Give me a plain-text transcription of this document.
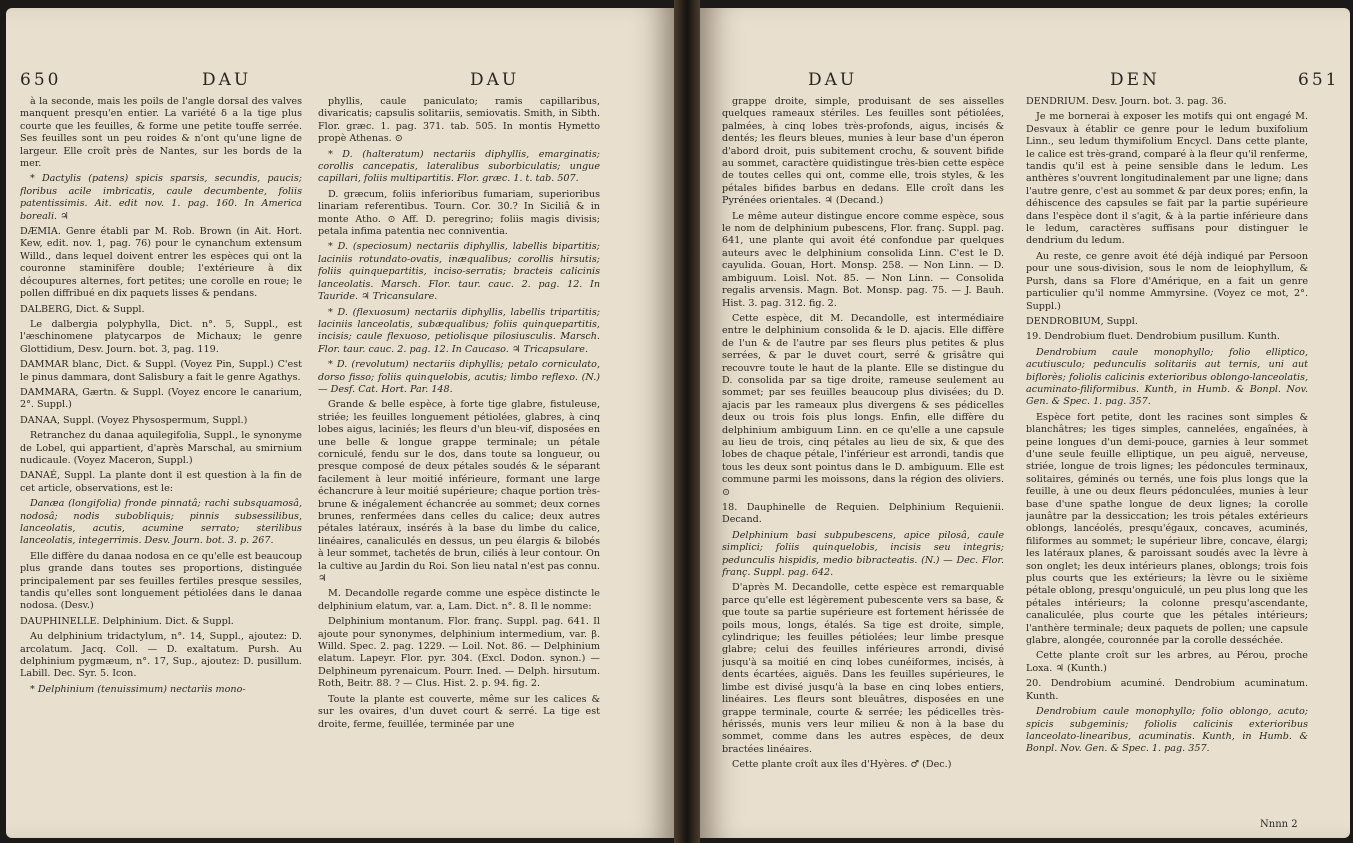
650	DAU	DAU

à la seconde, mais les poils de l'angle dorsal des valves manquent presqu'en entier. La variété δ a la tige plus courte que les feuilles, & forme une petite touffe serrée. Ses feuilles sont un peu roides & n'ont qu'une ligne de largeur. Elle croît près de Nantes, sur les bords de la mer.

* Dactylis (patens) spicis sparsis, secundis, paucis; floribus acile imbricatis, caule decumbente, foliis patentissimis. Ait. edit nov. 1. pag. 160. In America boreali. ♃

DÆMIA. Genre établi par M. Rob. Brown (in Ait. Hort. Kew, edit. nov. 1, pag. 76) pour le cynanchum extensum Willd., dans lequel doivent entrer les espèces qui ont la couronne staminifère double; l'extérieure à dix découpures alternes, fort petites; une corolle en roue; le pollen diffribué en dix paquets lisses & pendans.

DALBERG, Dict. & Suppl.

Le dalbergia polyphylla, Dict. n°. 5, Suppl., est l'æschinomene platycarpos de Michaux; le genre Glottidium, Desv. Journ. bot. 3, pag. 119.

DAMMAR blanc, Dict. & Suppl. (Voyez Pin, Suppl.) C'est le pinus dammara, dont Salisbury a fait le genre Agathys.

DAMMARA, Gærtn. & Suppl. (Voyez encore le canarium, 2°. Suppl.)

DANAA, Suppl. (Voyez Physospermum, Suppl.)

Retranchez du danaa aquilegifolia, Suppl., le synonyme de Lobel, qui appartient, d'après Marschal, au smirnium nudicaule. (Voyez Maceron, Suppl.)

DANAÉ, Suppl. La plante dont il est question à la fin de cet article, observations, est le:

Danæa (longifolia) fronde pinnatâ; rachi subsquamosâ, nodosâ; nodis subobliquis; pinnis subsessilibus, lanceolatis, acutis, acumine serrato; sterilibus lanceolatis, integerrimis. Desv. Journ. bot. 3. p. 267.

Elle diffère du danaa nodosa en ce qu'elle est beaucoup plus grande dans toutes ses proportions, distinguée principalement par ses feuilles fertiles presque sessiles, tandis qu'elles sont longuement pétiolées dans le danaa nodosa. (Desv.)

DAUPHINELLE. Delphinium. Dict. & Suppl.

Au delphinium tridactylum, n°. 14, Suppl., ajoutez: D. arcolatum. Jacq. Coll. — D. exaltatum. Pursh. Au delphinium pygmæum, n°. 17, Sup., ajoutez: D. pusillum. Labill. Dec. Syr. 5. Icon.

* Delphinium (tenuissimum) nectariis mono-

phyllis, caule paniculato; ramis capillaribus, divaricatis; capsulis solitariis, semiovatis. Smith, in Sibth. Flor. græc. 1. pag. 371. tab. 505. In montis Hymetto propè Athenas. ⊙

* D. (halteratum) nectariis diphyllis, emarginatis; corollis cancepatis, lateralibus suborbiculatis; ungue capillari, foliis multipartitis. Flor. græc. 1. t. tab. 507.

D. græcum, foliis inferioribus fumariam, superioribus linariam referentibus. Tourn. Cor. 30.? In Siciliâ & in monte Atho. ⊙ Aff. D. peregrino; foliis magis divisis; petala infima patentia nec conniventia.

* D. (speciosum) nectariis diphyllis, labellis bipartitis; laciniis rotundato-ovatis, inæqualibus; corollis hirsutis; foliis quinquepartitis, inciso-serratis; bracteis calicinis lanceolatis. Marsch. Flor. taur. cauc. 2. pag. 12. In Tauride. ♃ Tricansulare.

* D. (flexuosum) nectariis diphyllis, labellis tripartitis; laciniis lanceolatis, subæqualibus; foliis quinquepartitis, incisis; caule flexuoso, petiolisque pilosiusculis. Marsch. Flor. taur. cauc. 2. pag. 12. In Caucaso. ♃ Tricapsulare.

* D. (revolutum) nectariis diphyllis; petalo corniculato, dorso fisso; foliis quinquelobis, acutis; limbo reflexo. (N.) — Desf. Cat. Hort. Par. 148.

Grande & belle espèce, à forte tige glabre, fistuleuse, striée; les feuilles longuement pétiolées, glabres, à cinq lobes aigus, laciniés; les fleurs d'un bleu-vif, disposées en une belle & longue grappe terminale; un pétale corniculé, fendu sur le dos, dans toute sa longueur, ou presque composé de deux pétales soudés & le séparant facilement à leur moitié inférieure, formant une large échancrure à leur moitié supérieure; chaque portion très-brune & inégalement échancrée au sommet; deux cornes brunes, renfermées dans celles du calice; deux autres pétales latéraux, insérés à la base du limbe du calice, linéaires, canaliculés en dessus, un peu élargis & bilobés à leur sommet, tachetés de brun, ciliés à leur contour. On la cultive au Jardin du Roi. Son lieu natal n'est pas connu. ♃

M. Decandolle regarde comme une espèce distincte le delphinium elatum, var. a, Lam. Dict. n°. 8. Il le nomme:

Delphinium montanum. Flor. franç. Suppl. pag. 641. Il ajoute pour synonymes, delphinium intermedium, var. β. Willd. Spec. 2. pag. 1229. — Loil. Not. 86. — Delphinium elatum. Lapeyr. Flor. pyr. 304. (Excl. Dodon. synon.) — Delphineum pyrenaicum. Pourr. Ined. — Delph. hirsutum. Roth, Beitr. 88. ? — Clus. Hist. 2. p. 94. fig. 2.

Toute la plante est couverte, même sur les calices & sur les ovaires, d'un duvet court & serré. La tige est droite, ferme, feuillée, terminée par une

DAU	DEN	651

grappe droite, simple, produisant de ses aisselles quelques rameaux stériles. Les feuilles sont pétiolées, palmées, à cinq lobes très-profonds, aigus, incisés & dentés; les fleurs bleues, munies à leur base d'un éperon d'abord droit, puis subitement crochu, & souvent bifide au sommet, caractère quidistingue très-bien cette espèce de toutes celles qui ont, comme elle, trois styles, & les pétales bifides barbus en dedans. Elle croît dans les Pyrénées orientales. ♃ (Decand.)

Le même auteur distingue encore comme espèce, sous le nom de delphinium pubescens, Flor. franç. Suppl. pag. 641, une plante qui avoit été confondue par quelques auteurs avec le delphinium consolida Linn. C'est le D. cayulida. Gouan, Hort. Monsp. 258. — Non Linn. — D. ambiguum. Loisl. Not. 85. — Non Linn. — Consolida regalis arvensis. Magn. Bot. Monsp. pag. 75. — J. Bauh. Hist. 3. pag. 312. fig. 2.

Cette espèce, dit M. Decandolle, est intermédiaire entre le delphinium consolida & le D. ajacis. Elle diffère de l'un & de l'autre par ses fleurs plus petites & plus serrées, & par le duvet court, serré & grisâtre qui recouvre toute le haut de la plante. Elle se distingue du D. consolida par sa tige droite, rameuse seulement au sommet; par ses feuilles beaucoup plus divisées; du D. ajacis par les rameaux plus divergens & ses pédicelles deux ou trois fois plus longs. Enfin, elle diffère du delphinium ambiguum Linn. en ce qu'elle a une capsule au lieu de trois, cinq pétales au lieu de six, & que des lobes de chaque pétale, l'inférieur est arrondi, tandis que tous les deux sont pointus dans le D. ambiguum. Elle est commune parmi les moissons, dans la région des oliviers. ⊙

18. Dauphinelle de Requien. Delphinium Requienii. Decand.

Delphinium basi subpubescens, apice pilosâ, caule simplici; foliis quinquelobis, incisis seu integris; pedunculis hispidis, medio bibracteatis. (N.) — Dec. Flor. franç. Suppl. pag. 642.

D'après M. Decandolle, cette espèce est remarquable parce qu'elle est légèrement pubescente vers sa base, & que toute sa partie supérieure est fortement hérissée de poils mous, longs, étalés. Sa tige est droite, simple, cylindrique; les feuilles pétiolées; leur limbe presque glabre; celui des feuilles inférieures arrondi, divisé jusqu'à sa moitié en cinq lobes cunéiformes, incisés, à dents écartées, aiguës. Dans les feuilles supérieures, le limbe est divisé jusqu'à la base en cinq lobes entiers, linéaires. Les fleurs sont bleuâtres, disposées en une grappe terminale, courte & serrée; les pédicelles très-hérissés, munis vers leur milieu & non à la base du sommet, comme dans les autres espèces, de deux bractées linéaires.

Cette plante croît aux îles d'Hyères. ♂ (Dec.)

DENDRIUM. Desv. Journ. bot. 3. pag. 36.

Je me bornerai à exposer les motifs qui ont engagé M. Desvaux à établir ce genre pour le ledum buxifolium Linn., seu ledum thymifolium Encycl. Dans cette plante, le calice est très-grand, comparé à la fleur qu'il renferme, tandis qu'il est à peine sensible dans le ledum. Les anthères s'ouvrent longitudinalement par une ligne; dans l'autre genre, c'est au sommet & par deux pores; enfin, la déhiscence des capsules se fait par la partie supérieure dans l'espèce dont il s'agit, & à la partie inférieure dans le ledum, caractères suffisans pour distinguer le dendrium du ledum.

Au reste, ce genre avoit été déjà indiqué par Persoon pour une sous-division, sous le nom de leiophyllum, & Pursh, dans sa Flore d'Amérique, en a fait un genre particulier qu'il nomme Ammyrsine. (Voyez ce mot, 2°. Suppl.)

DENDROBIUM, Suppl.

19. Dendrobium fluet. Dendrobium pusillum. Kunth.

Dendrobium caule monophyllo; folio elliptico, acutiusculo; pedunculis solitariis aut ternis, uni aut biflorès; foliolis calicinis exterioribus oblongo-lanceolatis, acuminato-filiformibus. Kunth, in Humb. & Bonpl. Nov. Gen. & Spec. 1. pag. 357.

Espèce fort petite, dont les racines sont simples & blanchâtres; les tiges simples, cannelées, engaînées, à peine longues d'un demi-pouce, garnies à leur sommet d'une seule feuille elliptique, un peu aiguë, nerveuse, striée, longue de trois lignes; les pédoncules terminaux, solitaires, géminés ou ternés, une fois plus longs que la feuille, à une ou deux fleurs pédonculées, munies à leur base d'une spathe longue de deux lignes; la corolle jaunâtre par la dessiccation; les trois pétales extérieurs oblongs, lancéolés, presqu'égaux, concaves, acuminés, filiformes au sommet; le supérieur libre, concave, élargi; les latéraux planes, & paroissant soudés avec la lèvre à son onglet; les deux intérieurs planes, oblongs; trois fois plus courts que les extérieurs; la lèvre ou le sixième pétale oblong, presqu'onguiculé, un peu plus long que les pétales intérieurs; la colonne presqu'ascendante, canaliculée, plus courte que les pétales intérieurs; l'anthère terminale; deux paquets de pollen; une capsule glabre, alongée, couronnée par la corolle desséchée.

Cette plante croît sur les arbres, au Pérou, proche Loxa. ♃ (Kunth.)

20. Dendrobium acuminé. Dendrobium acuminatum. Kunth.

Dendrobium caule monophyllo; folio oblongo, acuto; spicis subgeminis; foliolis calicinis exterioribus lanceolato-linearibus, acuminatis. Kunth, in Humb. & Bonpl. Nov. Gen. & Spec. 1. pag. 357.

Nnnn 2
